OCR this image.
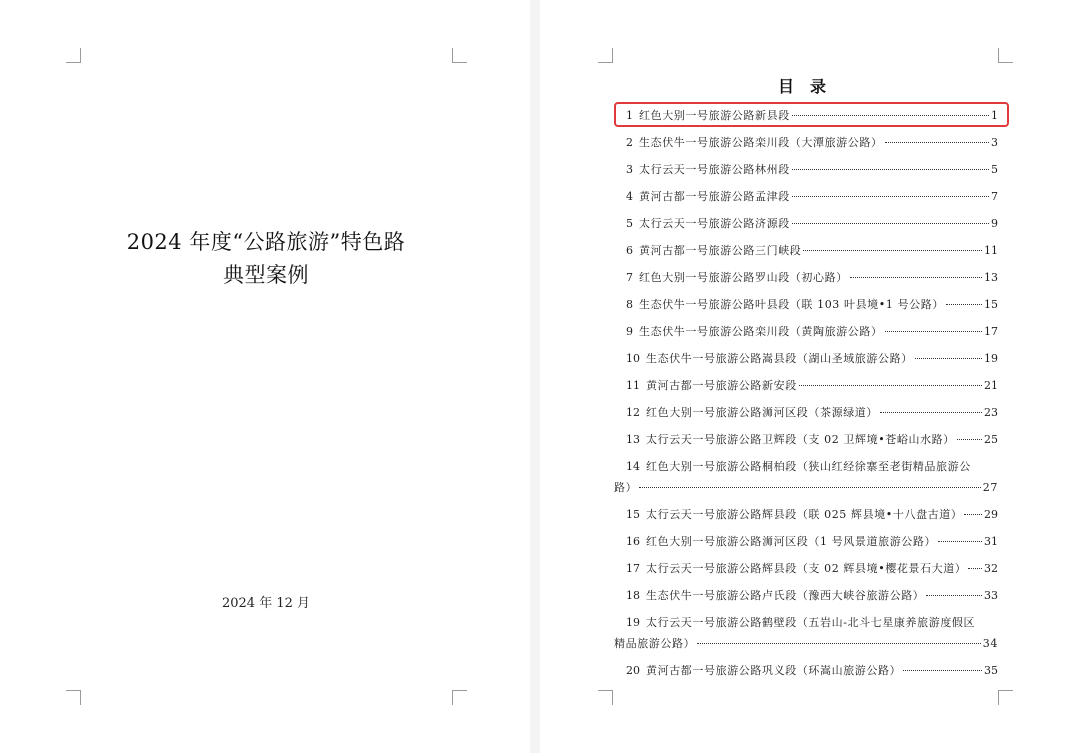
2024 年度“公路旅游”特色路
典型案例
2024 年 12 月
目录
1 红色大别一号旅游公路新县段	1
2 生态伏牛一号旅游公路栾川段（大潭旅游公路）	3
3 太行云天一号旅游公路林州段	5
4 黄河古都一号旅游公路孟津段	7
5 太行云天一号旅游公路济源段	9
6 黄河古都一号旅游公路三门峡段	11
7 红色大别一号旅游公路罗山段（初心路）	13
8 生态伏牛一号旅游公路叶县段（联 103 叶县境•1 号公路）	15
9 生态伏牛一号旅游公路栾川段（黄陶旅游公路）	17
10 生态伏牛一号旅游公路嵩县段（湖山圣域旅游公路）	19
11 黄河古都一号旅游公路新安段	21
12 红色大别一号旅游公路浉河区段（茶源绿道）	23
13 太行云天一号旅游公路卫辉段（支 02 卫辉境•苍峪山水路）	25
14 红色大别一号旅游公路桐柏段（狭山红经徐寨至老街精品旅游公
路）	27
15 太行云天一号旅游公路辉县段（联 025 辉县境•十八盘古道） 29
16 红色大别一号旅游公路浉河区段（1 号风景道旅游公路）	31
17 太行云天一号旅游公路辉县段（支 02 辉县境•樱花景石大道） 32
18 生态伏牛一号旅游公路卢氏段（豫西大峡谷旅游公路）	33
19 太行云天一号旅游公路鹤壁段（五岩山-北斗七星康养旅游度假区
精品旅游公路）	34
20 黄河古都一号旅游公路巩义段（环嵩山旅游公路）	35
